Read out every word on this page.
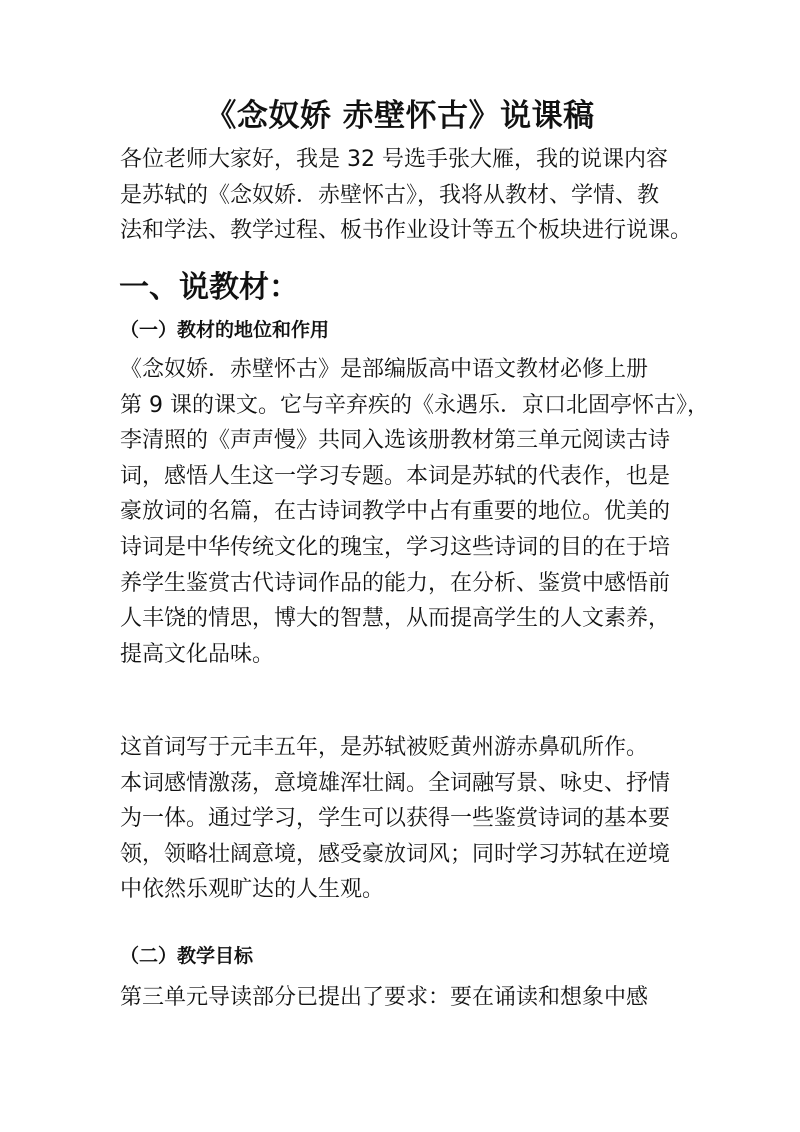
《念奴娇 赤壁怀古》说课稿
各位老师大家好，我是 32 号选手张大雁，我的说课内容
是苏轼的《念奴娇．赤壁怀古》，我将从教材、学情、教
法和学法、教学过程、板书作业设计等五个板块进行说课。
一、说教材：
（一）教材的地位和作用
《念奴娇．赤壁怀古》是部编版高中语文教材必修上册
第 9 课的课文。它与辛弃疾的《永遇乐．京口北固亭怀古》，
李清照的《声声慢》共同入选该册教材第三单元阅读古诗
词，感悟人生这一学习专题。本词是苏轼的代表作，也是
豪放词的名篇，在古诗词教学中占有重要的地位。优美的
诗词是中华传统文化的瑰宝，学习这些诗词的目的在于培
养学生鉴赏古代诗词作品的能力，在分析、鉴赏中感悟前
人丰饶的情思，博大的智慧，从而提高学生的人文素养，
提高文化品味。
这首词写于元丰五年，是苏轼被贬黄州游赤鼻矶所作。
本词感情激荡，意境雄浑壮阔。全词融写景、咏史、抒情
为一体。通过学习，学生可以获得一些鉴赏诗词的基本要
领，领略壮阔意境，感受豪放词风；同时学习苏轼在逆境
中依然乐观旷达的人生观。
（二）教学目标
第三单元导读部分已提出了要求：要在诵读和想象中感
